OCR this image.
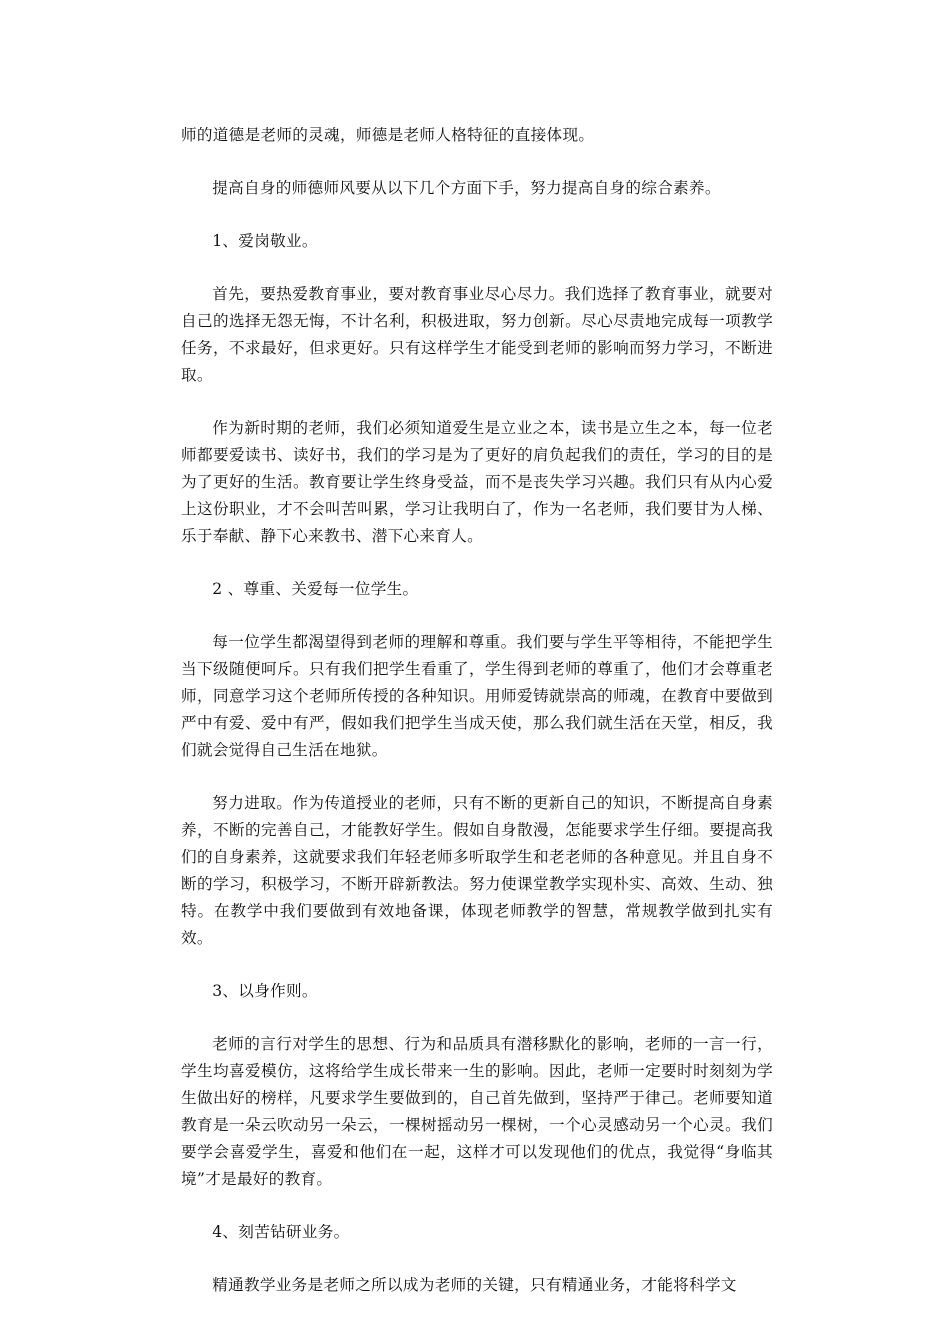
师的道德是老师的灵魂，师德是老师人格特征的直接体现。

提高自身的师德师风要从以下几个方面下手，努力提高自身的综合素养。

1、爱岗敬业。

首先，要热爱教育事业，要对教育事业尽心尽力。我们选择了教育事业，就要对自己的选择无怨无悔，不计名利，积极进取，努力创新。尽心尽责地完成每一项教学任务，不求最好，但求更好。只有这样学生才能受到老师的影响而努力学习，不断进取。

作为新时期的老师，我们必须知道爱生是立业之本，读书是立生之本，每一位老师都要爱读书、读好书，我们的学习是为了更好的肩负起我们的责任，学习的目的是为了更好的生活。教育要让学生终身受益，而不是丧失学习兴趣。我们只有从内心爱上这份职业，才不会叫苦叫累，学习让我明白了，作为一名老师，我们要甘为人梯、乐于奉献、静下心来教书、潜下心来育人。

2 、尊重、关爱每一位学生。

每一位学生都渴望得到老师的理解和尊重。我们要与学生平等相待，不能把学生当下级随便呵斥。只有我们把学生看重了，学生得到老师的尊重了，他们才会尊重老师，同意学习这个老师所传授的各种知识。用师爱铸就崇高的师魂，在教育中要做到严中有爱、爱中有严，假如我们把学生当成天使，那么我们就生活在天堂，相反，我们就会觉得自己生活在地狱。

努力进取。作为传道授业的老师，只有不断的更新自己的知识，不断提高自身素养，不断的完善自己，才能教好学生。假如自身散漫，怎能要求学生仔细。要提高我们的自身素养，这就要求我们年轻老师多听取学生和老老师的各种意见。并且自身不断的学习，积极学习，不断开辟新教法。努力使课堂教学实现朴实、高效、生动、独特。在教学中我们要做到有效地备课，体现老师教学的智慧，常规教学做到扎实有效。

3、以身作则。

老师的言行对学生的思想、行为和品质具有潜移默化的影响，老师的一言一行，学生均喜爱模仿，这将给学生成长带来一生的影响。因此，老师一定要时时刻刻为学生做出好的榜样，凡要求学生要做到的，自己首先做到，坚持严于律己。老师要知道教育是一朵云吹动另一朵云，一棵树摇动另一棵树，一个心灵感动另一个心灵。我们要学会喜爱学生，喜爱和他们在一起，这样才可以发现他们的优点，我觉得“身临其境”才是最好的教育。

4、刻苦钻研业务。

精通教学业务是老师之所以成为老师的关键，只有精通业务，才能将科学文
